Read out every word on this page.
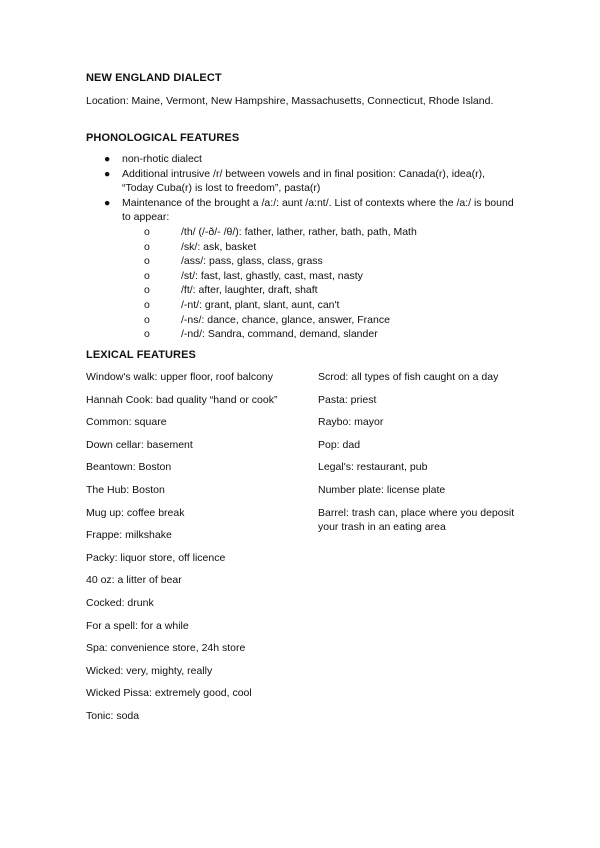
NEW ENGLAND DIALECT
Location: Maine, Vermont, New Hampshire, Massachusetts, Connecticut, Rhode Island.
PHONOLOGICAL FEATURES
● non-rhotic dialect
● Additional intrusive /r/ between vowels and in final position: Canada(r), idea(r), “Today Cuba(r) is lost to freedom”, pasta(r)
● Maintenance of the brought a /a:/: aunt /a:nt/. List of contexts where the /a:/ is bound to appear:
o	/th/ (/-ð/- /θ/): father, lather, rather, bath, path, Math
o	/sk/: ask, basket
o	/ass/: pass, glass, class, grass
o	/st/: fast, last, ghastly, cast, mast, nasty
o	/ft/: after, laughter, draft, shaft
o	/-nt/: grant, plant, slant, aunt, can't
o	/-ns/: dance, chance, glance, answer, France
o	/-nd/: Sandra, command, demand, slander
LEXICAL FEATURES
Window's walk: upper floor, roof balcony
Hannah Cook: bad quality “hand or cook”
Common: square
Down cellar: basement
Beantown: Boston
The Hub: Boston
Mug up: coffee break
Frappe: milkshake
Packy: liquor store, off licence
40 oz: a litter of bear
Cocked: drunk
For a spell: for a while
Spa: convenience store, 24h store
Wicked: very, mighty, really
Wicked Pissa: extremely good, cool
Tonic: soda
Scrod: all types of fish caught on a day
Pasta: priest
Raybo: mayor
Pop: dad
Legal's: restaurant, pub
Number plate: license plate
Barrel: trash can, place where you deposit your trash in an eating area
